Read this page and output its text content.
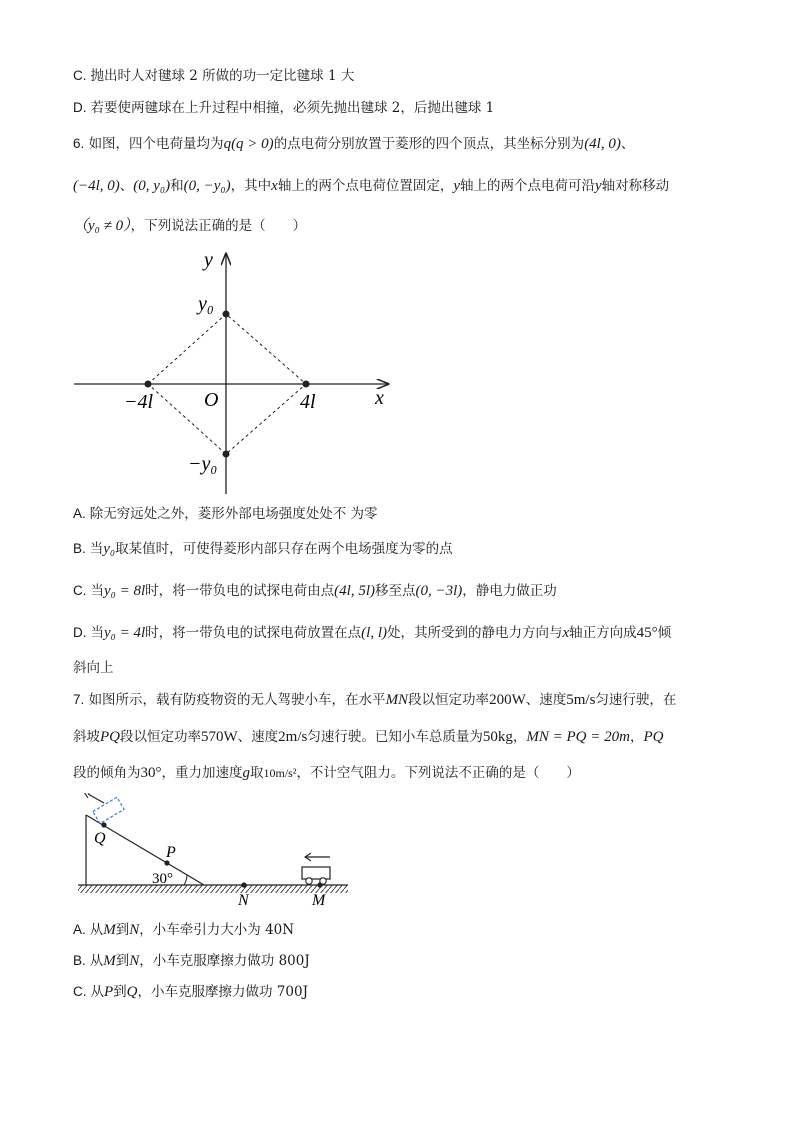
C. 抛出时人对毽球 2 所做的功一定比毽球 1 大
D. 若要使两毽球在上升过程中相撞，必须先抛出毽球 2，后抛出毽球 1
6. 如图，四个电荷量均为q(q > 0)的点电荷分别放置于菱形的四个顶点，其坐标分别为(4l, 0)、
(−4l, 0)、(0, y₀)和(0, −y₀)，其中x轴上的两个点电荷位置固定，y轴上的两个点电荷可沿y轴对称移动
（y₀ ≠ 0），下列说法正确的是（　　）
y
y₀
−4l	O	4l	x
−y₀
A. 除无穷远处之外，菱形外部电场强度处处不 为零
B. 当y₀取某值时，可使得菱形内部只存在两个电场强度为零的点
C. 当y₀ = 8l时，将一带负电的试探电荷由点(4l, 5l)移至点(0, −3l)，静电力做正功
D. 当y₀ = 4l时，将一带负电的试探电荷放置在点(l, l)处，其所受到的静电力方向与x轴正方向成45°倾
斜向上
7. 如图所示，载有防疫物资的无人驾驶小车，在水平MN段以恒定功率200W、速度5m/s匀速行驶，在
斜坡PQ段以恒定功率570W、速度2m/s匀速行驶。已知小车总质量为50kg，MN = PQ = 20m，PQ
段的倾角为30°，重力加速度g取10m/s²，不计空气阻力。下列说法不正确的是（　　）
Q
P
30°
N	M
A. 从M到N，小车牵引力大小为 40N
B. 从M到N，小车克服摩擦力做功 800J
C. 从P到Q，小车克服摩擦力做功 700J
